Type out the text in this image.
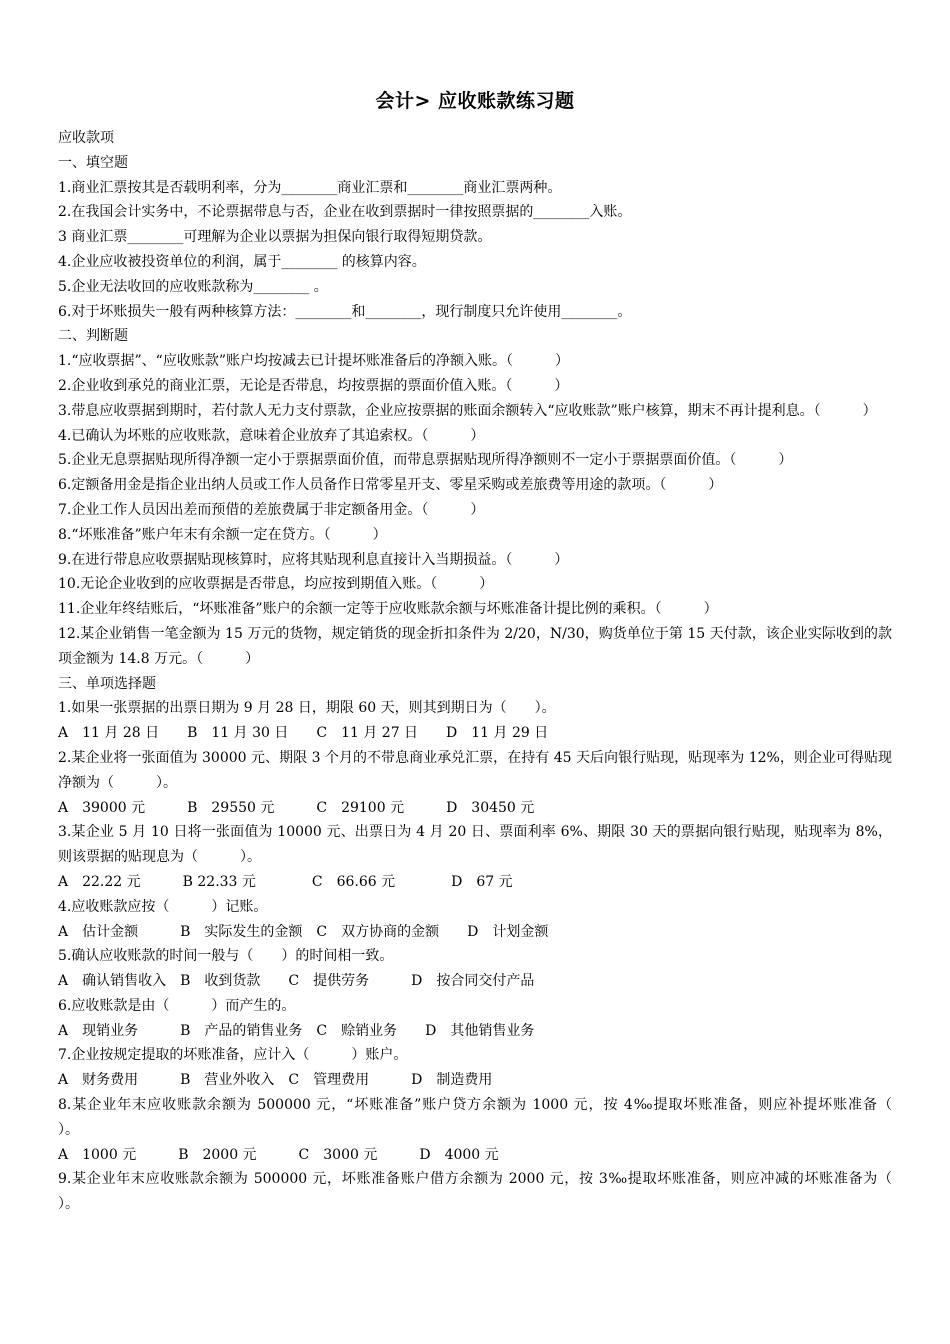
会计> 应收账款练习题

应收款项

一、填空题

1.商业汇票按其是否载明利率，分为________商业汇票和________商业汇票两种。

2.在我国会计实务中，不论票据带息与否，企业在收到票据时一律按照票据的________入账。

3 商业汇票________可理解为企业以票据为担保向银行取得短期贷款。

4.企业应收被投资单位的利润，属于________ 的核算内容。

5.企业无法收回的应收账款称为________ 。

6.对于坏账损失一般有两种核算方法：________和________，现行制度只允许使用________。

二、判断题

1.“应收票据”、“应收账款”账户均按减去已计提坏账准备后的净额入账。（　　　）

2.企业收到承兑的商业汇票，无论是否带息，均按票据的票面价值入账。（　　　）

3.带息应收票据到期时，若付款人无力支付票款，企业应按票据的账面余额转入“应收账款”账户核算，期末不再计提利息。（　　　）

4.已确认为坏账的应收账款，意味着企业放弃了其追索权。（　　　）

5.企业无息票据贴现所得净额一定小于票据票面价值，而带息票据贴现所得净额则不一定小于票据票面价值。（　　　）

6.定额备用金是指企业出纳人员或工作人员备作日常零星开支、零星采购或差旅费等用途的款项。（　　　）

7.企业工作人员因出差而预借的差旅费属于非定额备用金。（　　　）

8.“坏账准备”账户年末有余额一定在贷方。（　　　）

9.在进行带息应收票据贴现核算时，应将其贴现利息直接计入当期损益。（　　　）

10.无论企业收到的应收票据是否带息，均应按到期值入账。（　　　）

11.企业年终结账后，“坏账准备”账户的余额一定等于应收账款余额与坏账准备计提比例的乘积。（　　　）

12.某企业销售一笔金额为 15 万元的货物，规定销货的现金折扣条件为 2/20，N/30，购货单位于第 15 天付款，该企业实际收到的款项金额为 14.8 万元。（　　　）

三、单项选择题

1.如果一张票据的出票日期为 9 月 28 日，期限 60 天，则其到期日为（　　）。

A　11 月 28 日　　B　11 月 30 日　　C　11 月 27 日　　D　11 月 29 日

2.某企业将一张面值为 30000 元、期限 3 个月的不带息商业承兑汇票，在持有 45 天后向银行贴现，贴现率为 12%，则企业可得贴现净额为（　　　）。

A　39000 元　　　B　29550 元　　　C　29100 元　　　D　30450 元

3.某企业 5 月 10 日将一张面值为 10000 元、出票日为 4 月 20 日、票面利率 6%、期限 30 天的票据向银行贴现，贴现率为 8%，则该票据的贴现息为（　　　）。

A　22.22 元　　　B 22.33 元　　　　C　66.66 元　　　　D　67 元

4.应收账款应按（　　　）记账。

A　估计金额　　　B　实际发生的金额　C　双方协商的金额　　D　计划金额

5.确认应收账款的时间一般与（　　）的时间相一致。

A　确认销售收入　B　收到货款　　C　提供劳务　　　D　按合同交付产品

6.应收账款是由（　　　）而产生的。

A　现销业务　　　B　产品的销售业务　C　赊销业务　　D　其他销售业务

7.企业按规定提取的坏账准备，应计入（　　　）账户。

A　财务费用　　　B　营业外收入　C　管理费用　　　D　制造费用

8.某企业年末应收账款余额为 500000 元，“坏账准备”账户贷方余额为 1000 元，按 4‰提取坏账准备，则应补提坏账准备（　　　）。

A　1000 元　　　B　2000 元　　　C　3000 元　　　D　4000 元

9.某企业年末应收账款余额为 500000 元，坏账准备账户借方余额为 2000 元，按 3‰提取坏账准备，则应冲减的坏账准备为（　　　）。
